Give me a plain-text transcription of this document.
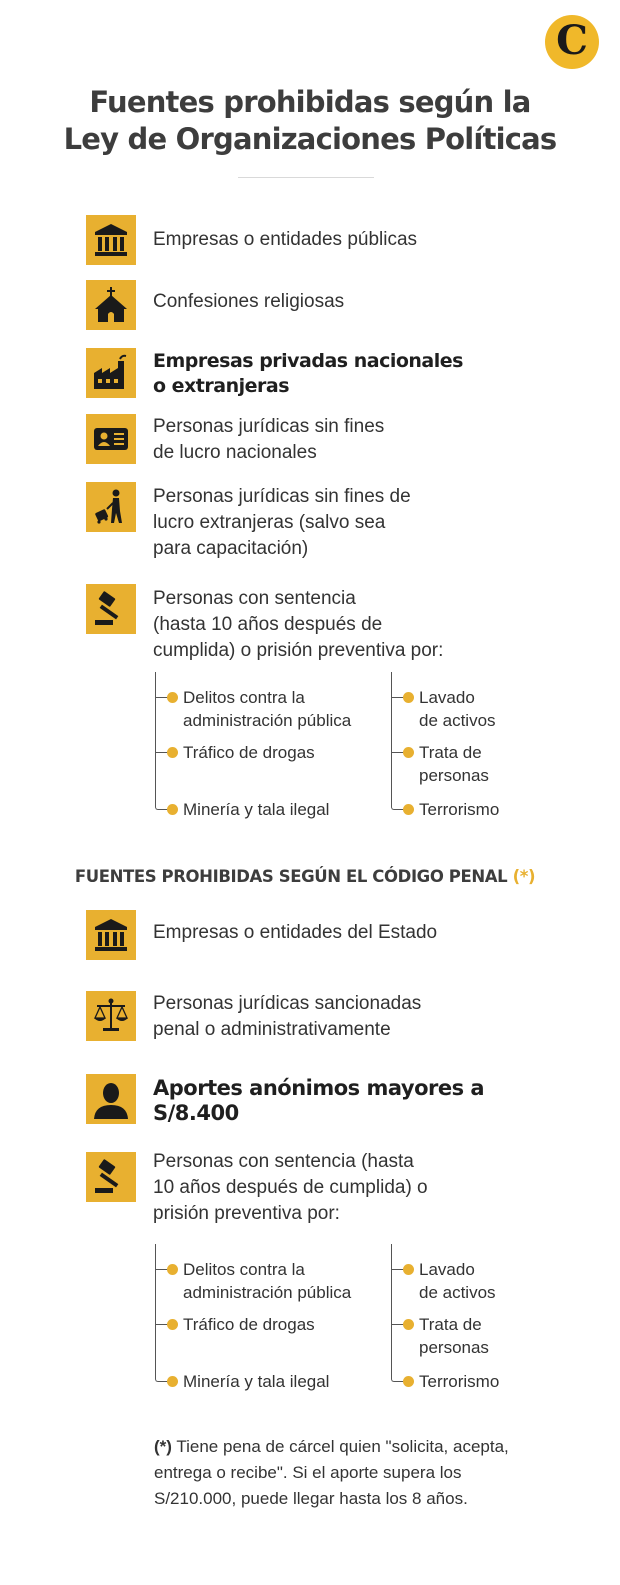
C
Fuentes prohibidas según la
Ley de Organizaciones Políticas
Empresas o entidades públicas
Confesiones religiosas
Empresas privadas nacionales
o extranjeras
Personas jurídicas sin fines
de lucro nacionales
Personas jurídicas sin fines de
lucro extranjeras (salvo sea
para capacitación)
Personas con sentencia
(hasta 10 años después de
cumplida) o prisión preventiva por:
Delitos contra la
administración pública
Tráfico de drogas
Minería y tala ilegal
Lavado
de activos
Trata de
personas
Terrorismo
FUENTES PROHIBIDAS SEGÚN EL CÓDIGO PENAL (*)
Empresas o entidades del Estado
Personas jurídicas sancionadas
penal o administrativamente
Aportes anónimos mayores a
S/8.400
Personas con sentencia (hasta
10 años después de cumplida) o
prisión preventiva por:
Delitos contra la
administración pública
Tráfico de drogas
Minería y tala ilegal
Lavado
de activos
Trata de
personas
Terrorismo
(*) Tiene pena de cárcel quien "solicita, acepta,
entrega o recibe". Si el aporte supera los
S/210.000, puede llegar hasta los 8 años.
